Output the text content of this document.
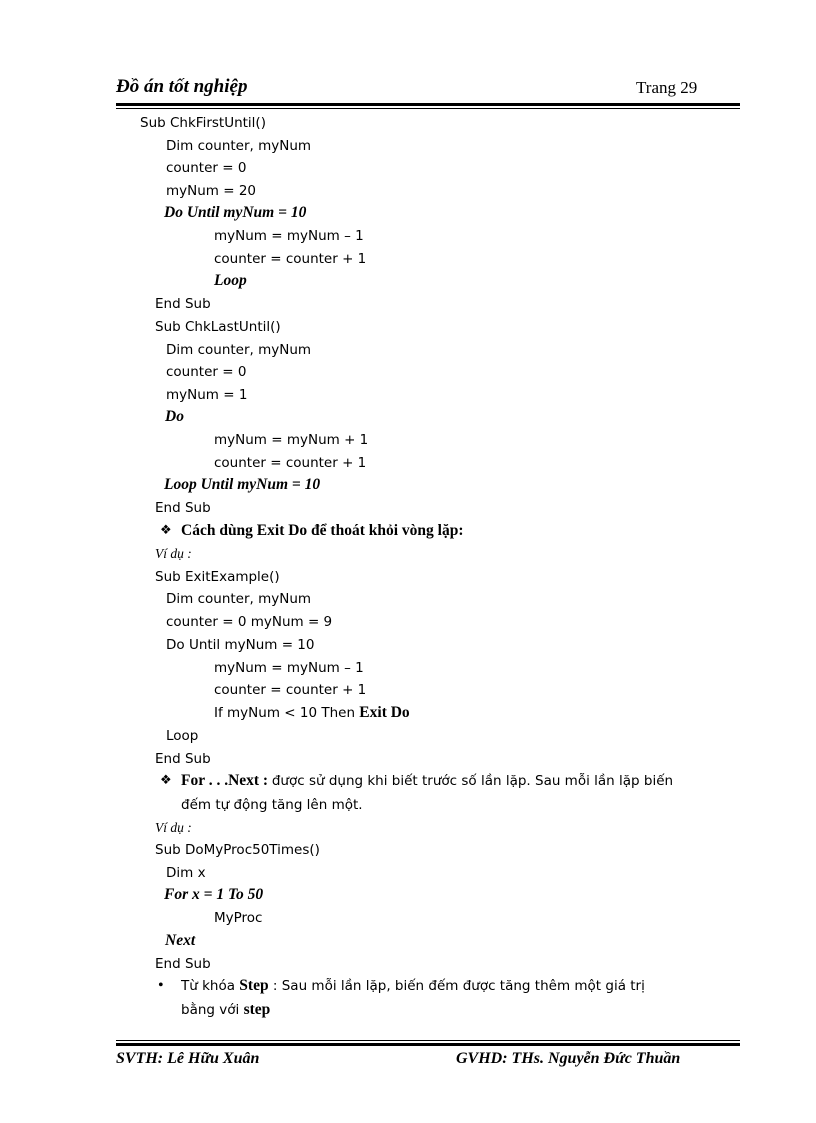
Đồ án tốt nghiệp	Trang 29
Sub ChkFirstUntil()
Dim counter, myNum
counter = 0
myNum = 20
Do Until myNum = 10
myNum = myNum – 1
counter = counter + 1
Loop
End Sub
Sub ChkLastUntil()
Dim counter, myNum
counter = 0
myNum = 1
Do
myNum = myNum + 1
counter = counter + 1
Loop Until myNum = 10
End Sub
❖ Cách dùng Exit Do để thoát khỏi vòng lặp:
Ví dụ :
Sub ExitExample()
Dim counter, myNum
counter = 0 myNum = 9
Do Until myNum = 10
myNum = myNum – 1
counter = counter + 1
If myNum < 10 Then Exit Do
Loop
End Sub
❖ For . . .Next : được sử dụng khi biết trước số lần lặp. Sau mỗi lần lặp biến
đếm tự động tăng lên một.
Ví dụ :
Sub DoMyProc50Times()
Dim x
For x = 1 To 50
MyProc
Next
End Sub
• Từ khóa Step : Sau mỗi lần lặp, biến đếm được tăng thêm một giá trị
bằng với step
SVTH: Lê Hữu Xuân	GVHD: THs. Nguyễn Đức Thuần
